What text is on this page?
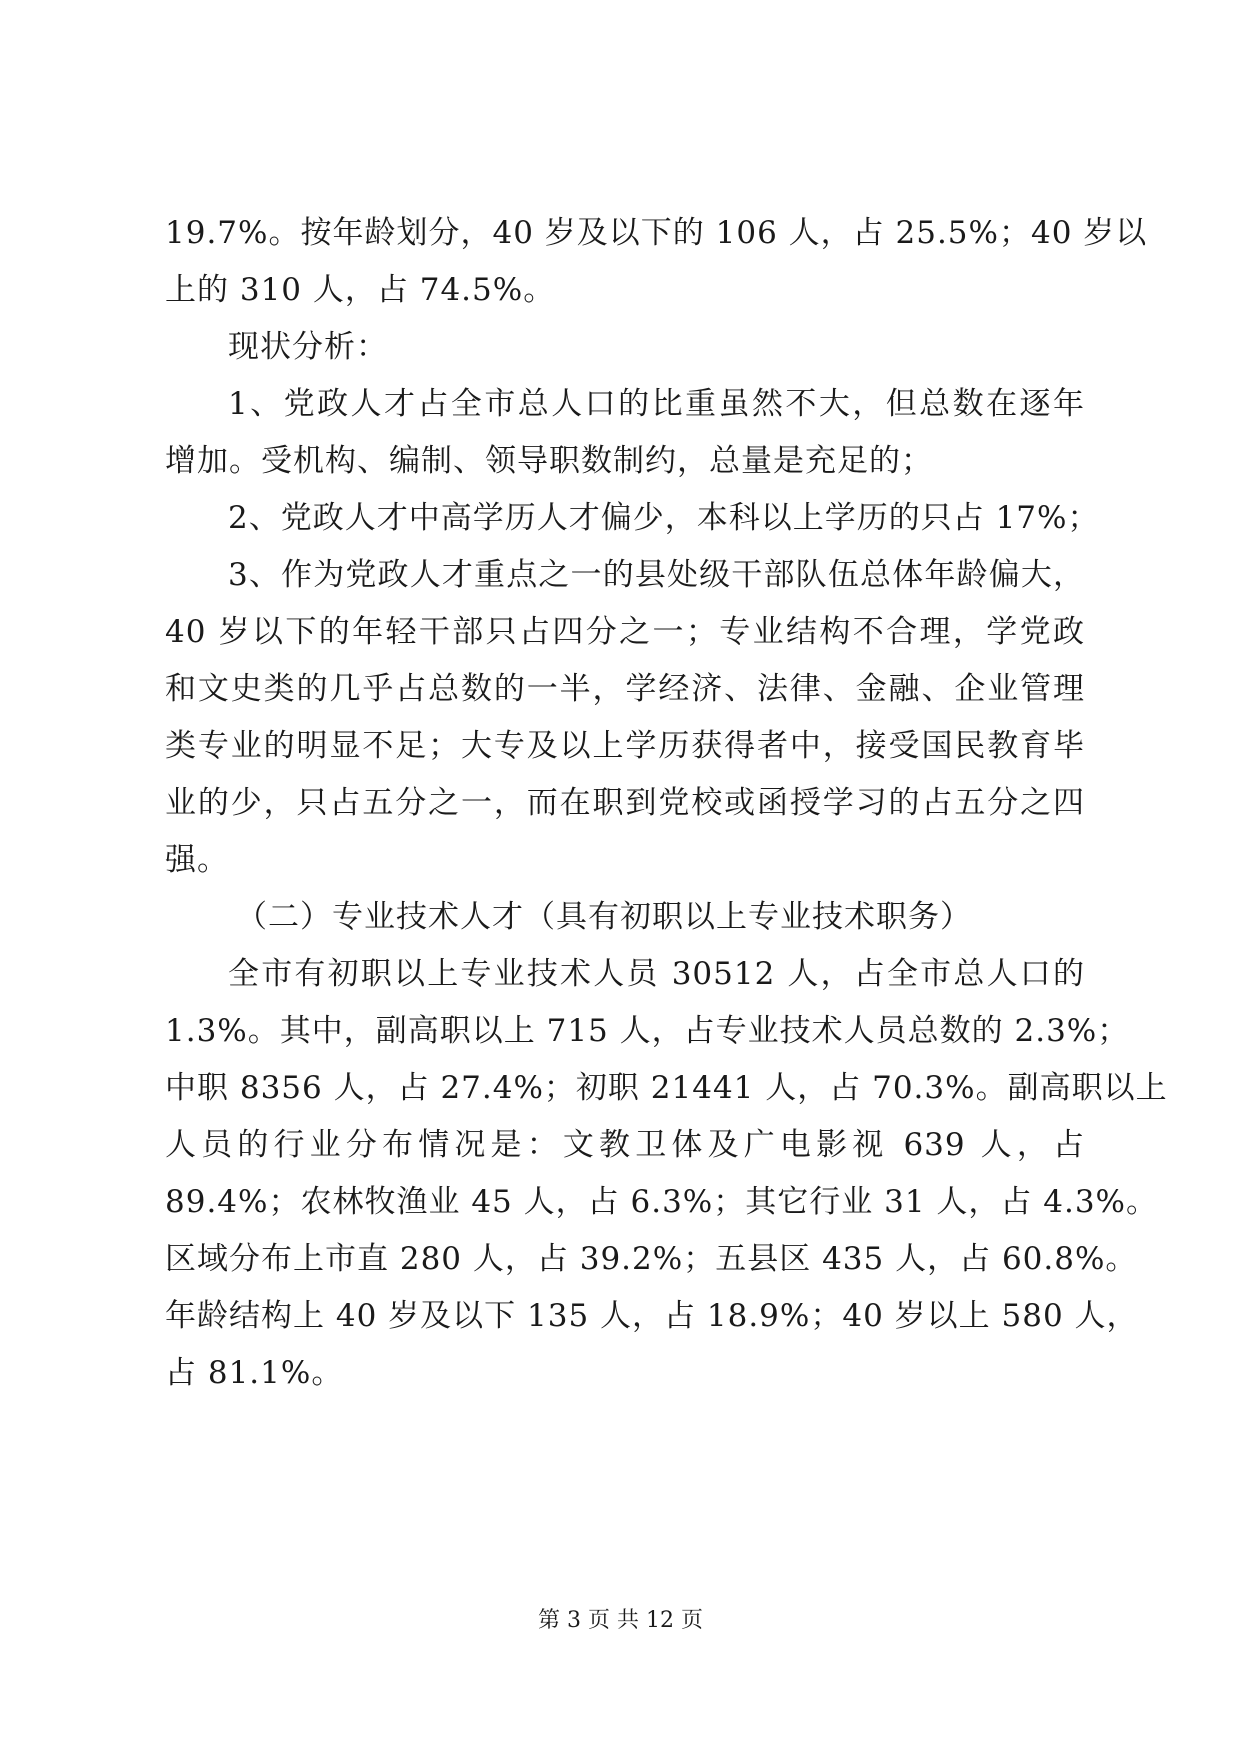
19.7%。按年龄划分，40 岁及以下的 106 人，占 25.5%；40 岁以
上的 310 人，占 74.5%。
现状分析：
1、党政人才占全市总人口的比重虽然不大，但总数在逐年
增加。受机构、编制、领导职数制约，总量是充足的；
2、党政人才中高学历人才偏少，本科以上学历的只占 17%；
3、作为党政人才重点之一的县处级干部队伍总体年龄偏大，
40 岁以下的年轻干部只占四分之一；专业结构不合理，学党政
和文史类的几乎占总数的一半，学经济、法律、金融、企业管理
类专业的明显不足；大专及以上学历获得者中，接受国民教育毕
业的少，只占五分之一，而在职到党校或函授学习的占五分之四
强。
（二）专业技术人才（具有初职以上专业技术职务）
全市有初职以上专业技术人员 30512 人，占全市总人口的
1.3%。其中，副高职以上 715 人，占专业技术人员总数的 2.3%；
中职 8356 人，占 27.4%；初职 21441 人，占 70.3%。副高职以上
人员的行业分布情况是：文教卫体及广电影视 639 人，占
89.4%；农林牧渔业 45 人，占 6.3%；其它行业 31 人，占 4.3%。
区域分布上市直 280 人，占 39.2%；五县区 435 人，占 60.8%。
年龄结构上 40 岁及以下 135 人，占 18.9%；40 岁以上 580 人，
占 81.1%。
第 3 页 共 12 页
